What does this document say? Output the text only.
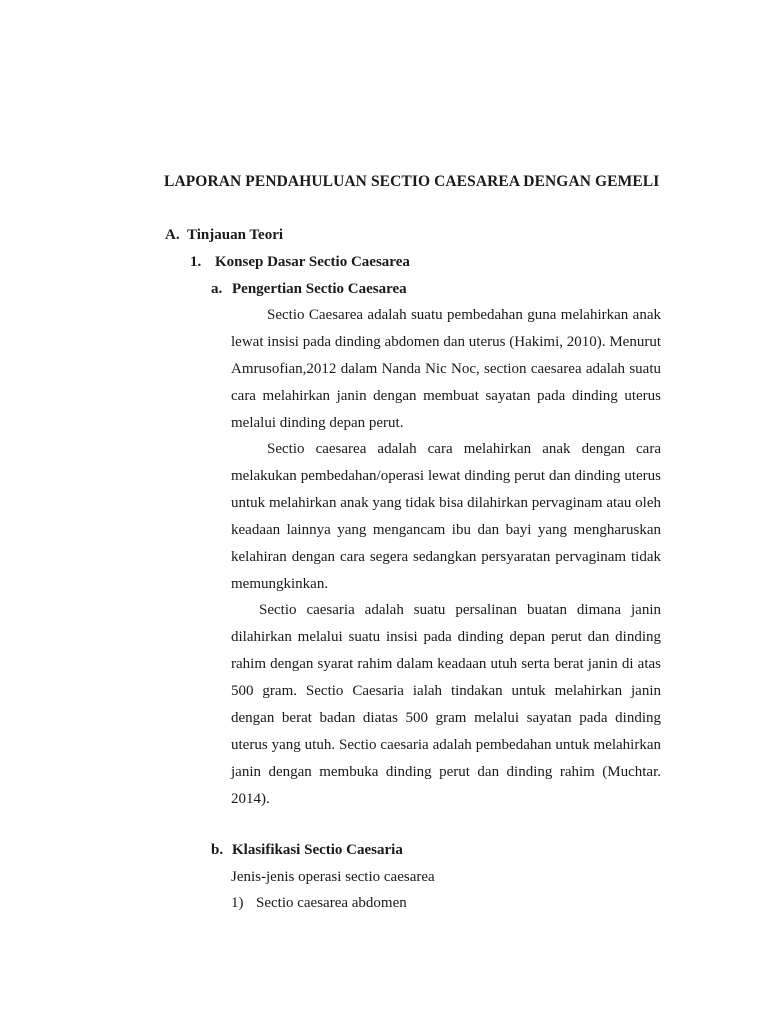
LAPORAN PENDAHULUAN SECTIO CAESAREA DENGAN GEMELI
A. Tinjauan Teori
1. Konsep Dasar Sectio Caesarea
a. Pengertian Sectio Caesarea

Sectio Caesarea adalah suatu pembedahan guna melahirkan anak lewat insisi pada dinding abdomen dan uterus (Hakimi, 2010). Menurut Amrusofian,2012 dalam Nanda Nic Noc, section caesarea adalah suatu cara melahirkan janin dengan membuat sayatan pada dinding uterus melalui dinding depan perut.

Sectio caesarea adalah cara melahirkan anak dengan cara melakukan pembedahan/operasi lewat dinding perut dan dinding uterus untuk melahirkan anak yang tidak bisa dilahirkan pervaginam atau oleh keadaan lainnya yang mengancam ibu dan bayi yang mengharuskan kelahiran dengan cara segera sedangkan persyaratan pervaginam tidak memungkinkan.

Sectio caesaria adalah suatu persalinan buatan dimana janin dilahirkan melalui suatu insisi pada dinding depan perut dan dinding rahim dengan syarat rahim dalam keadaan utuh serta berat janin di atas 500 gram. Sectio Caesaria ialah tindakan untuk melahirkan janin dengan berat badan diatas 500 gram melalui sayatan pada dinding uterus yang utuh. Sectio caesaria adalah pembedahan untuk melahirkan janin dengan membuka dinding perut dan dinding rahim (Muchtar. 2014).

b. Klasifikasi Sectio Caesaria
Jenis-jenis operasi sectio caesarea
1) Sectio caesarea abdomen
